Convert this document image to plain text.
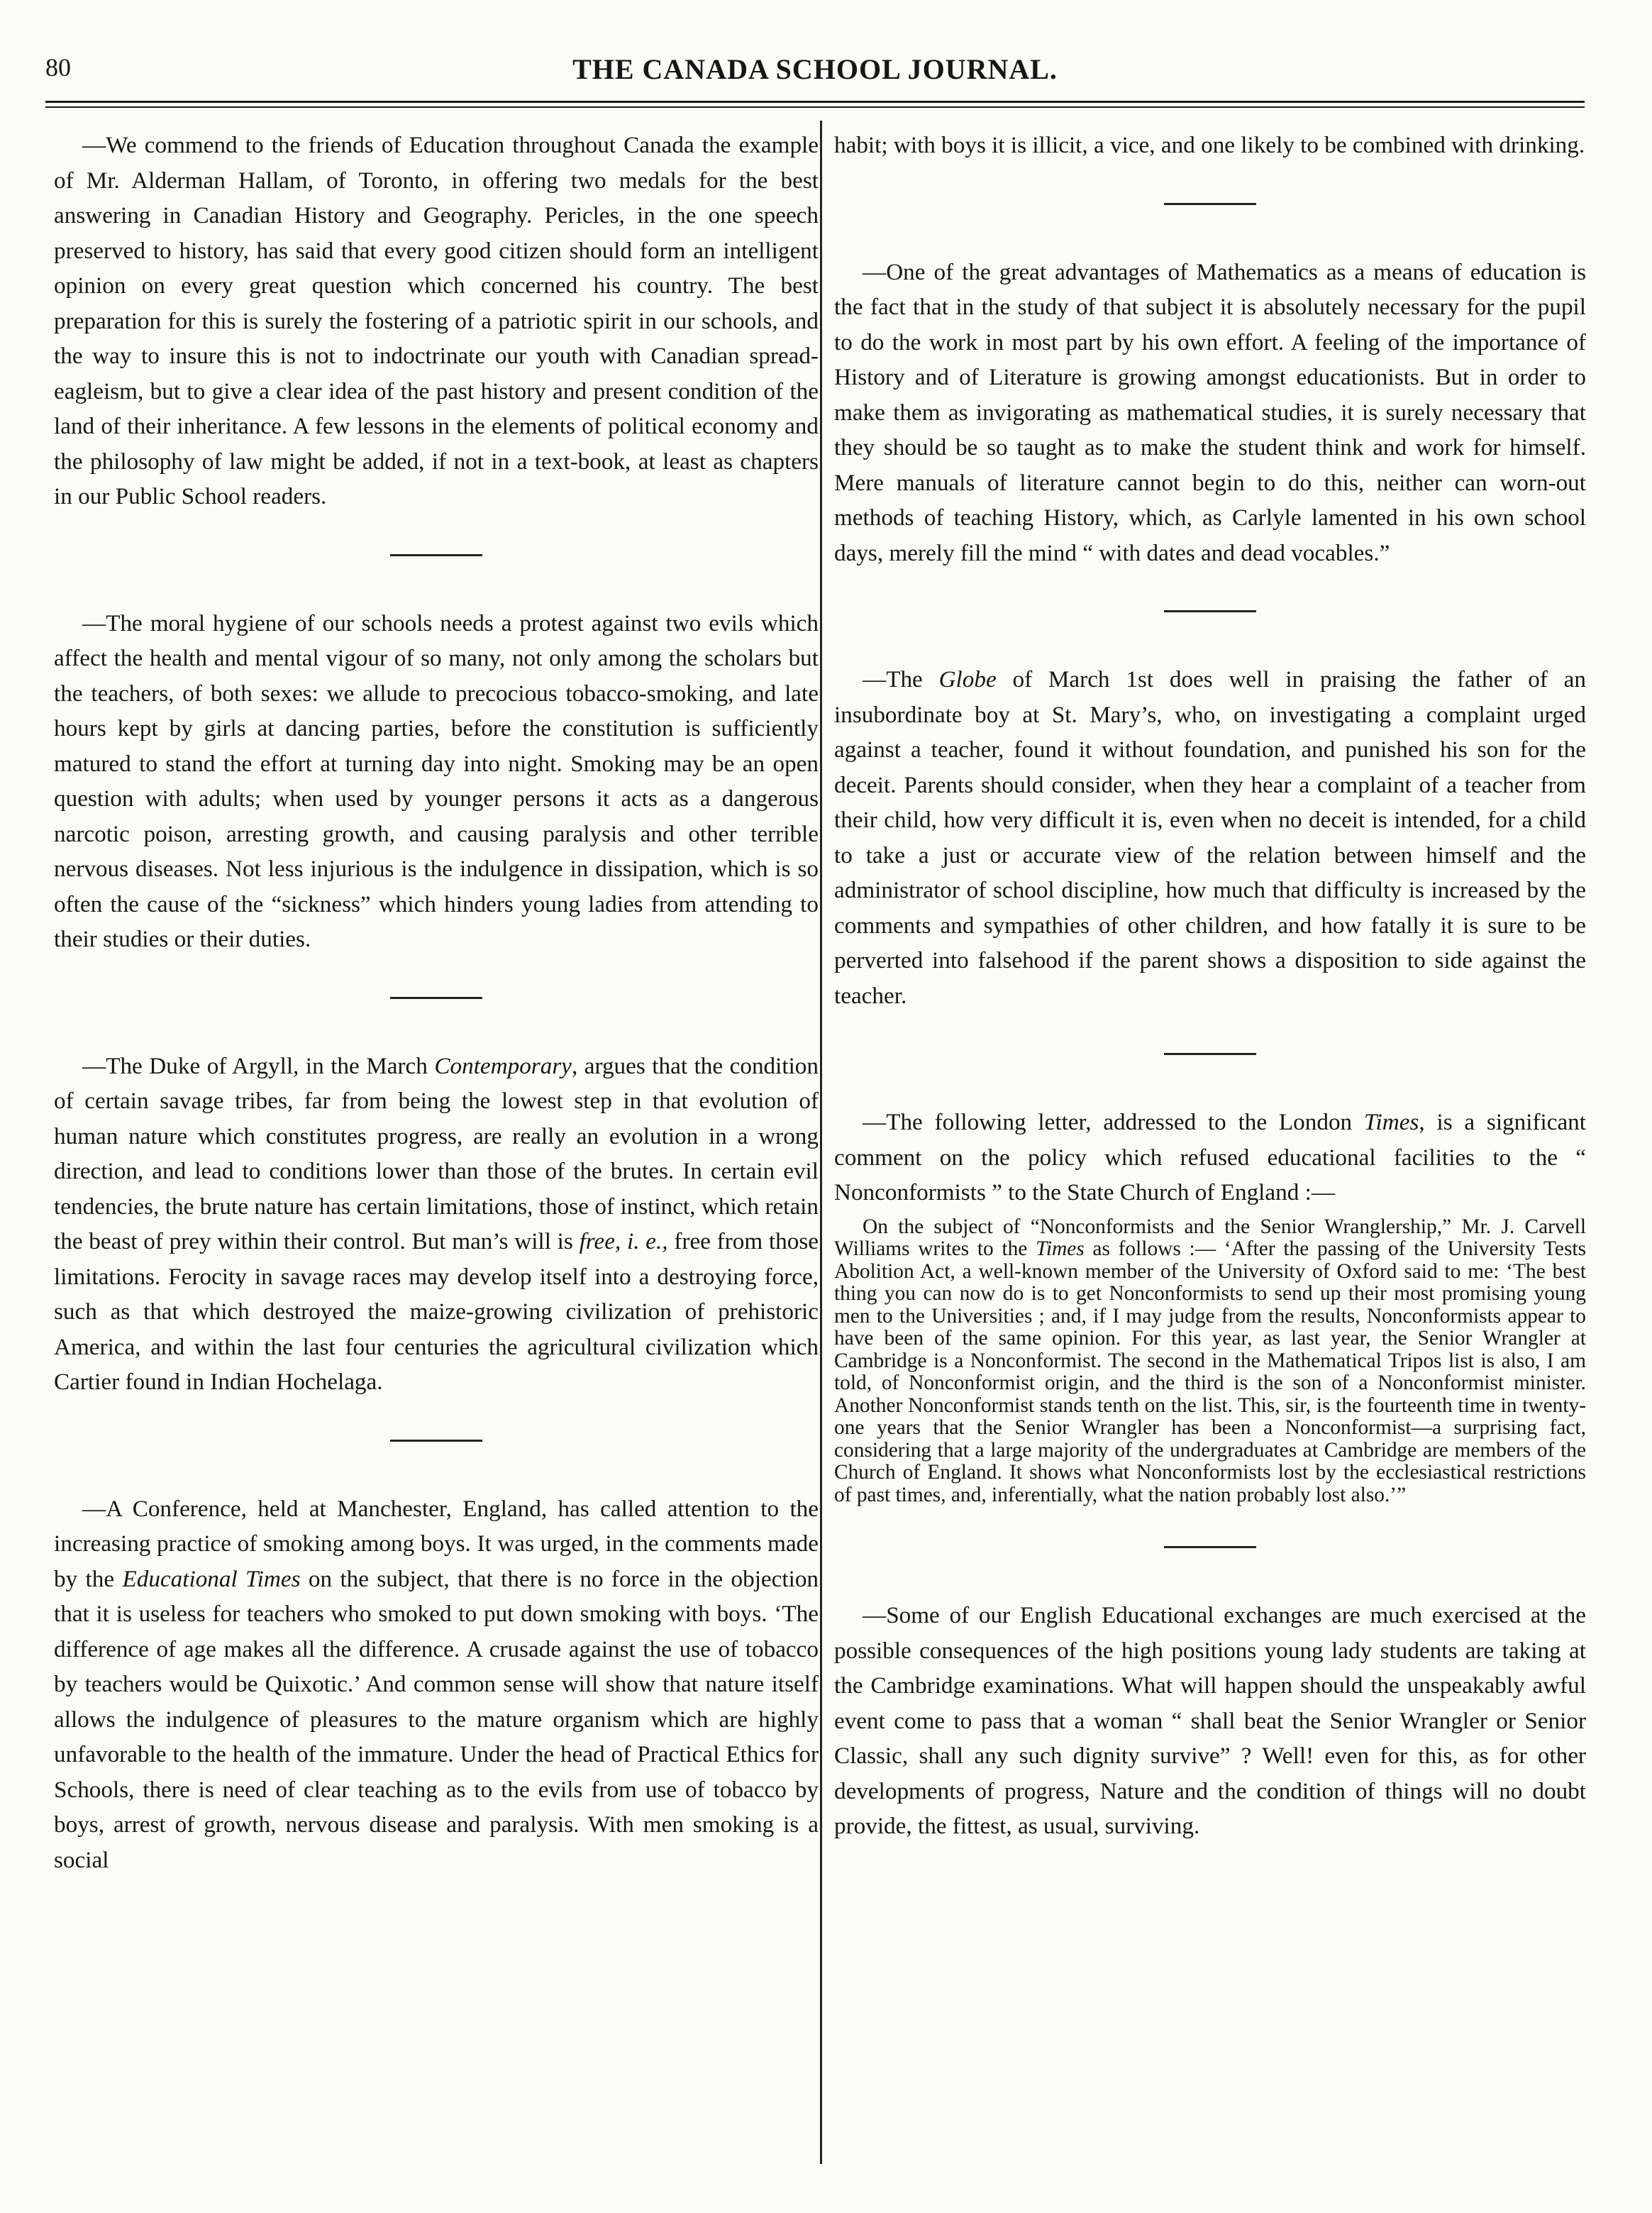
80	THE CANADA SCHOOL JOURNAL.

—We commend to the friends of Education throughout Canada the example of Mr. Alderman Hallam, of Toronto, in offering two medals for the best answering in Canadian History and Geography. Pericles, in the one speech preserved to history, has said that every good citizen should form an intelligent opinion on every great question which concerned his country. The best preparation for this is surely the fostering of a patriotic spirit in our schools, and the way to insure this is not to indoctrinate our youth with Canadian spread-eagleism, but to give a clear idea of the past history and present condition of the land of their inheritance. A few lessons in the elements of political economy and the philosophy of law might be added, if not in a text-book, at least as chapters in our Public School readers.

—The moral hygiene of our schools needs a protest against two evils which affect the health and mental vigour of so many, not only among the scholars but the teachers, of both sexes: we allude to precocious tobacco-smoking, and late hours kept by girls at dancing parties, before the constitution is sufficiently matured to stand the effort at turning day into night. Smoking may be an open question with adults; when used by younger persons it acts as a dangerous narcotic poison, arresting growth, and causing paralysis and other terrible nervous diseases. Not less injurious is the indulgence in dissipation, which is so often the cause of the “sickness” which hinders young ladies from attending to their studies or their duties.

—The Duke of Argyll, in the March Contemporary, argues that the condition of certain savage tribes, far from being the lowest step in that evolution of human nature which constitutes progress, are really an evolution in a wrong direction, and lead to conditions lower than those of the brutes. In certain evil tendencies, the brute nature has certain limitations, those of instinct, which retain the beast of prey within their control. But man’s will is free, i. e., free from those limitations. Ferocity in savage races may develop itself into a destroying force, such as that which destroyed the maize-growing civilization of prehistoric America, and within the last four centuries the agricultural civilization which Cartier found in Indian Hochelaga.

—A Conference, held at Manchester, England, has called attention to the increasing practice of smoking among boys. It was urged, in the comments made by the Educational Times on the subject, that there is no force in the objection that it is useless for teachers who smoked to put down smoking with boys. ‘The difference of age makes all the difference. A crusade against the use of tobacco by teachers would be Quixotic.’ And common sense will show that nature itself allows the indulgence of pleasures to the mature organism which are highly unfavorable to the health of the immature. Under the head of Practical Ethics for Schools, there is need of clear teaching as to the evils from use of tobacco by boys, arrest of growth, nervous disease and paralysis. With men smoking is a social

habit; with boys it is illicit, a vice, and one likely to be combined with drinking.

—One of the great advantages of Mathematics as a means of education is the fact that in the study of that subject it is absolutely necessary for the pupil to do the work in most part by his own effort. A feeling of the importance of History and of Literature is growing amongst educationists. But in order to make them as invigorating as mathematical studies, it is surely necessary that they should be so taught as to make the student think and work for himself. Mere manuals of literature cannot begin to do this, neither can worn-out methods of teaching History, which, as Carlyle lamented in his own school days, merely fill the mind “ with dates and dead vocables.”

—The Globe of March 1st does well in praising the father of an insubordinate boy at St. Mary’s, who, on investigating a complaint urged against a teacher, found it without foundation, and punished his son for the deceit. Parents should consider, when they hear a complaint of a teacher from their child, how very difficult it is, even when no deceit is intended, for a child to take a just or accurate view of the relation between himself and the administrator of school discipline, how much that difficulty is increased by the comments and sympathies of other children, and how fatally it is sure to be perverted into falsehood if the parent shows a disposition to side against the teacher.

—The following letter, addressed to the London Times, is a significant comment on the policy which refused educational facilities to the “ Nonconformists ” to the State Church of England :—

On the subject of “Nonconformists and the Senior Wranglership,” Mr. J. Carvell Williams writes to the Times as follows :— ‘After the passing of the University Tests Abolition Act, a well-known member of the University of Oxford said to me: ‘The best thing you can now do is to get Nonconformists to send up their most promising young men to the Universities ; and, if I may judge from the results, Nonconformists appear to have been of the same opinion. For this year, as last year, the Senior Wrangler at Cambridge is a Nonconformist. The second in the Mathematical Tripos list is also, I am told, of Nonconformist origin, and the third is the son of a Nonconformist minister. Another Nonconformist stands tenth on the list. This, sir, is the fourteenth time in twenty-one years that the Senior Wrangler has been a Nonconformist—a surprising fact, considering that a large majority of the undergraduates at Cambridge are members of the Church of England. It shows what Nonconformists lost by the ecclesiastical restrictions of past times, and, inferentially, what the nation probably lost also.’”

—Some of our English Educational exchanges are much exercised at the possible consequences of the high positions young lady students are taking at the Cambridge examinations. What will happen should the unspeakably awful event come to pass that a woman “ shall beat the Senior Wrangler or Senior Classic, shall any such dignity survive” ? Well! even for this, as for other developments of progress, Nature and the condition of things will no doubt provide, the fittest, as usual, surviving.
